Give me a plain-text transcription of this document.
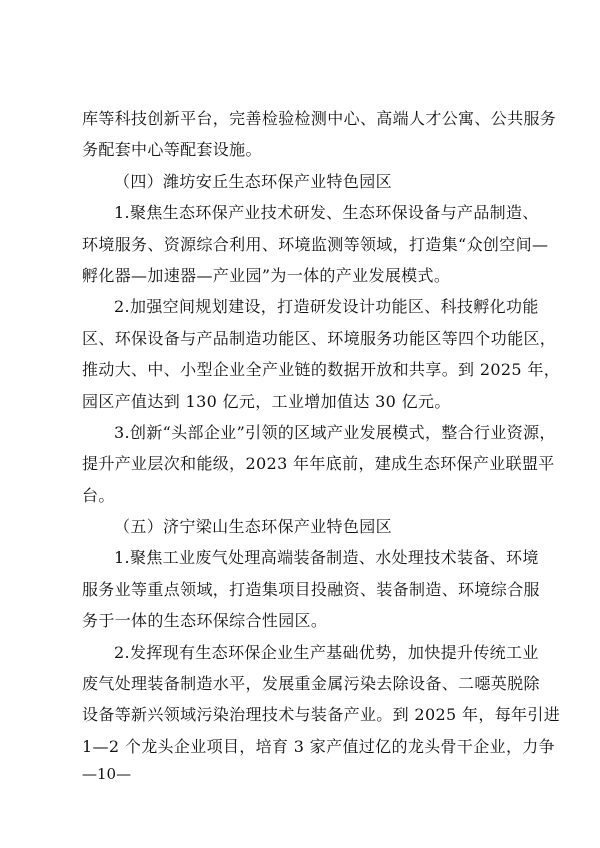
库等科技创新平台，完善检验检测中心、高端人才公寓、公共服务
务配套中心等配套设施。
（四）潍坊安丘生态环保产业特色园区
1.聚焦生态环保产业技术研发、生态环保设备与产品制造、
环境服务、资源综合利用、环境监测等领域，打造集“众创空间—
孵化器—加速器—产业园”为一体的产业发展模式。
2.加强空间规划建设，打造研发设计功能区、科技孵化功能
区、环保设备与产品制造功能区、环境服务功能区等四个功能区，
推动大、中、小型企业全产业链的数据开放和共享。到 2025 年，
园区产值达到 130 亿元，工业增加值达 30 亿元。
3.创新“头部企业”引领的区域产业发展模式，整合行业资源，
提升产业层次和能级，2023 年年底前，建成生态环保产业联盟平
台。
（五）济宁梁山生态环保产业特色园区
1.聚焦工业废气处理高端装备制造、水处理技术装备、环境
服务业等重点领域，打造集项目投融资、装备制造、环境综合服
务于一体的生态环保综合性园区。
2.发挥现有生态环保企业生产基础优势，加快提升传统工业
废气处理装备制造水平，发展重金属污染去除设备、二噁英脱除
设备等新兴领域污染治理技术与装备产业。到 2025 年，每年引进
1—2 个龙头企业项目，培育 3 家产值过亿的龙头骨干企业，力争
—10—
